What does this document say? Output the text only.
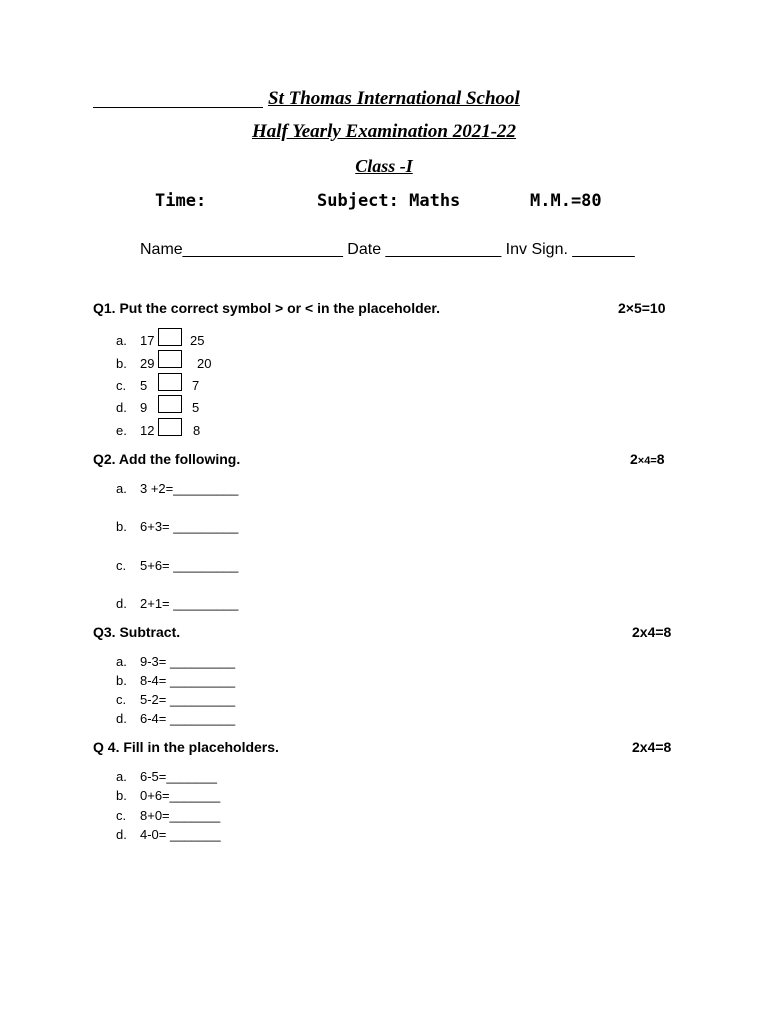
St Thomas International School
Half Yearly Examination 2021-22
Class -I
Time:	Subject: Maths	M.M.=80
Name__________________ Date _____________ Inv Sign. _______
Q1. Put the correct symbol > or < in the placeholder.	2×5=10
a. 17	25
b. 29	20
c. 5	7
d. 9	5
e. 12	8
Q2. Add the following.	2×4=8
a. 3 +2=_________
b. 6+3= _________
c. 5+6= _________
d. 2+1= _________
Q3. Subtract.	2x4=8
a. 9-3= _________
b. 8-4= _________
c. 5-2= _________
d. 6-4= _________
Q 4. Fill in the placeholders.	2x4=8
a. 6-5=_______
b. 0+6=_______
c. 8+0=_______
d. 4-0= _______
